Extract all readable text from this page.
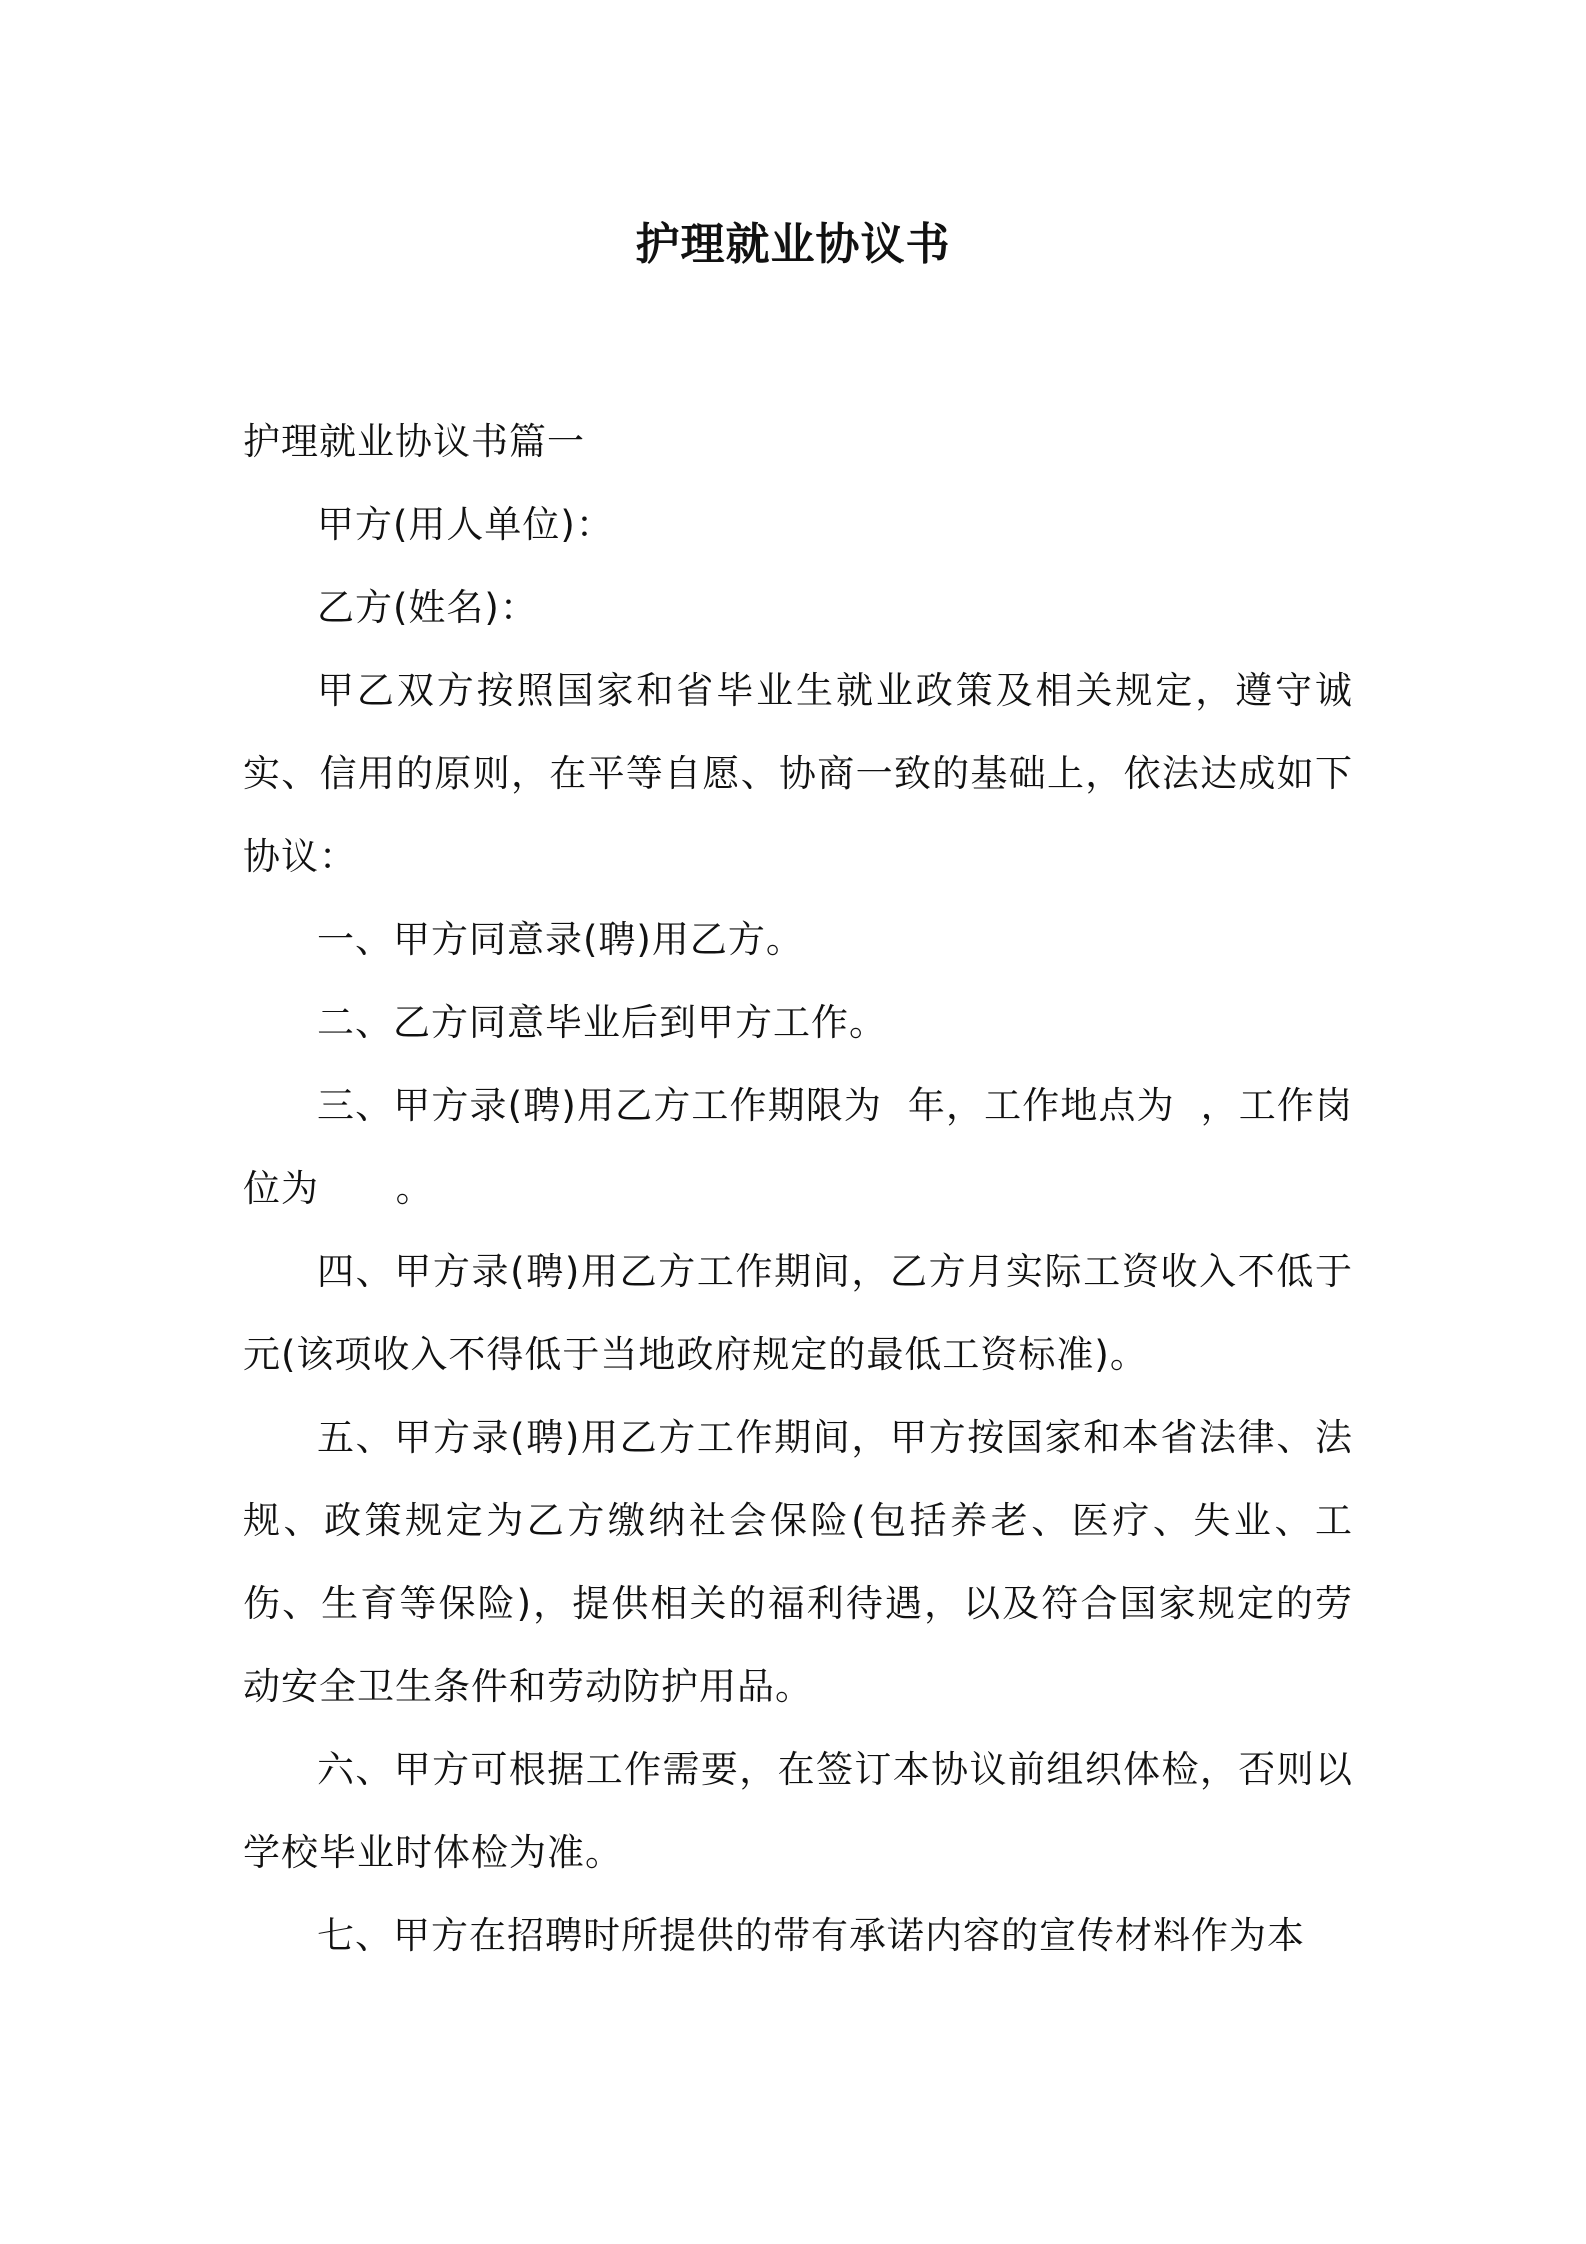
护理就业协议书

护理就业协议书篇一

甲方(用人单位)：

乙方(姓名)：

甲乙双方按照国家和省毕业生就业政策及相关规定，遵守诚实、信用的原则，在平等自愿、协商一致的基础上，依法达成如下协议：

一、甲方同意录(聘)用乙方。

二、乙方同意毕业后到甲方工作。

三、甲方录(聘)用乙方工作期限为  年，工作地点为  ，工作岗位为      。

四、甲方录(聘)用乙方工作期间，乙方月实际工资收入不低于    元(该项收入不得低于当地政府规定的最低工资标准)。

五、甲方录(聘)用乙方工作期间，甲方按国家和本省法律、法规、政策规定为乙方缴纳社会保险(包括养老、医疗、失业、工伤、生育等保险)，提供相关的福利待遇，以及符合国家规定的劳动安全卫生条件和劳动防护用品。

六、甲方可根据工作需要，在签订本协议前组织体检，否则以学校毕业时体检为准。

七、甲方在招聘时所提供的带有承诺内容的宣传材料作为本
